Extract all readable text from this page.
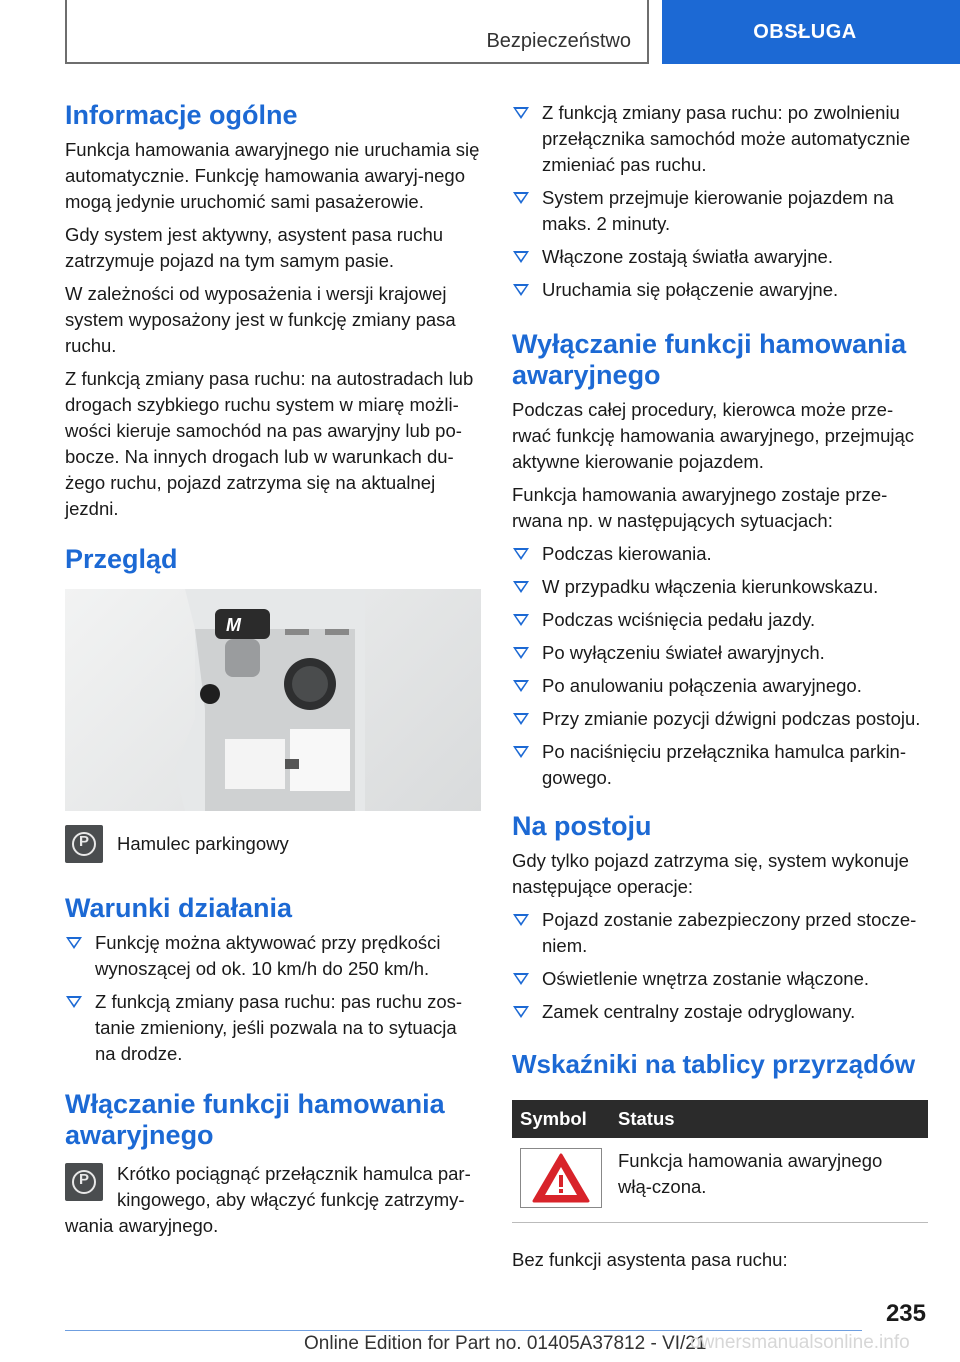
Bezpieczeństwo	OBSŁUGA
Informacje ogólne

Funkcja hamowania awaryjnego nie uruchamia się automatycznie. Funkcję hamowania awaryj-nego mogą jedynie uruchomić sami pasażerowie.

Gdy system jest aktywny, asystent pasa ruchu zatrzymuje pojazd na tym samym pasie.

W zależności od wyposażenia i wersji krajowej system wyposażony jest w funkcję zmiany pasa ruchu.

Z funkcją zmiany pasa ruchu: na autostradach lub drogach szybkiego ruchu system w miarę możli-wości kieruje samochód na pas awaryjny lub po-bocze. Na innych drogach lub w warunkach du-żego ruchu, pojazd zatrzyma się na aktualnej jezdni.

Przegląd
M
P	Hamulec parkingowy
Warunki działania
Funkcję można aktywować przy prędkości wynoszącej od ok. 10 km/h do 250 km/h.
Z funkcją zmiany pasa ruchu: pas ruchu zos-tanie zmieniony, jeśli pozwala na to sytuacja na drodze.
Włączanie funkcji hamowania awaryjnego
P	Krótko pociągnąć przełącznik hamulca par-kingowego, aby włączyć funkcję zatrzymy-wania awaryjnego.

Z funkcją zmiany pasa ruchu: po zwolnieniu przełącznika samochód może automatycznie zmieniać pas ruchu.
System przejmuje kierowanie pojazdem na maks. 2 minuty.
Włączone zostają światła awaryjne.
Uruchamia się połączenie awaryjne.
Wyłączanie funkcji hamowania awaryjnego

Podczas całej procedury, kierowca może prze-rwać funkcję hamowania awaryjnego, przejmując aktywne kierowanie pojazdem.

Funkcja hamowania awaryjnego zostaje prze-rwana np. w następujących sytuacjach:

Podczas kierowania.
W przypadku włączenia kierunkowskazu.
Podczas wciśnięcia pedału jazdy.
Po wyłączeniu świateł awaryjnych.
Po anulowaniu połączenia awaryjnego.
Przy zmianie pozycji dźwigni podczas postoju.
Po naciśnięciu przełącznika hamulca parkin-gowego.
Na postoju

Gdy tylko pojazd zatrzyma się, system wykonuje następujące operacje:

Pojazd zostanie zabezpieczony przed stocze-niem.
Oświetlenie wnętrza zostanie włączone.
Zamek centralny zostaje odryglowany.
Wskaźniki na tablicy przyrządów
Symbol	Status

	Funkcja hamowania awaryjnego włą-czona.

Bez funkcji asystenta pasa ruchu:

235
Online Edition for Part no. 01405A37812 - VI/21
ownersmanualsonline.info
